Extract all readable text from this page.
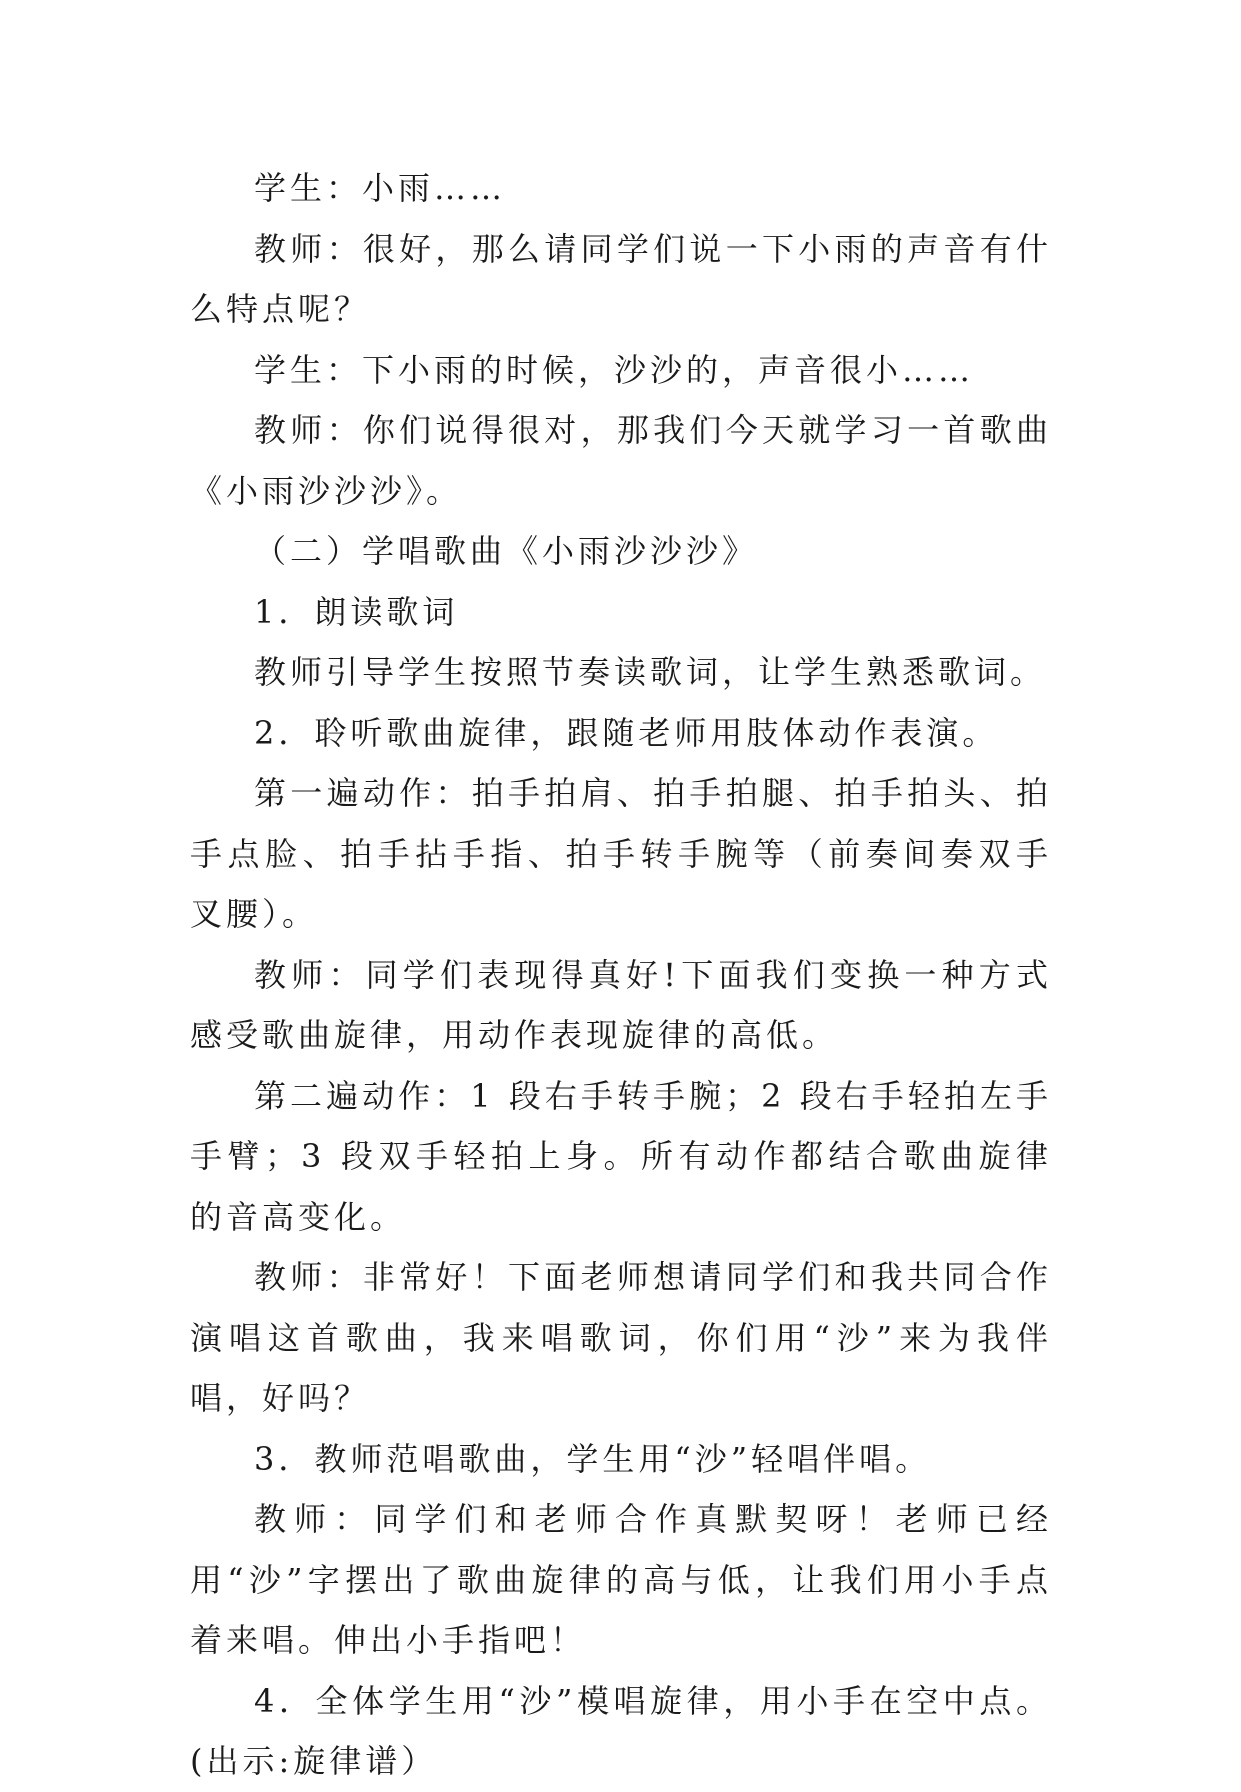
学生：小雨……

教师：很好，那么请同学们说一下小雨的声音有什么特点呢？

学生：下小雨的时候，沙沙的，声音很小……

教师：你们说得很对，那我们今天就学习一首歌曲《小雨沙沙沙》。

（二）学唱歌曲《小雨沙沙沙》

1．朗读歌词

教师引导学生按照节奏读歌词，让学生熟悉歌词。

2．聆听歌曲旋律，跟随老师用肢体动作表演。

第一遍动作：拍手拍肩、拍手拍腿、拍手拍头、拍手点脸、拍手拈手指、拍手转手腕等（前奏间奏双手叉腰）。

教师：同学们表现得真好!下面我们变换一种方式感受歌曲旋律，用动作表现旋律的高低。

第二遍动作：1 段右手转手腕；2 段右手轻拍左手手臂；3 段双手轻拍上身。所有动作都结合歌曲旋律的音高变化。

教师：非常好！下面老师想请同学们和我共同合作演唱这首歌曲，我来唱歌词，你们用“沙”来为我伴唱，好吗？

3．教师范唱歌曲，学生用“沙”轻唱伴唱。

教师：同学们和老师合作真默契呀！老师已经用“沙”字摆出了歌曲旋律的高与低，让我们用小手点着来唱。伸出小手指吧！

4．全体学生用“沙”模唱旋律，用小手在空中点。(出示:旋律谱）
